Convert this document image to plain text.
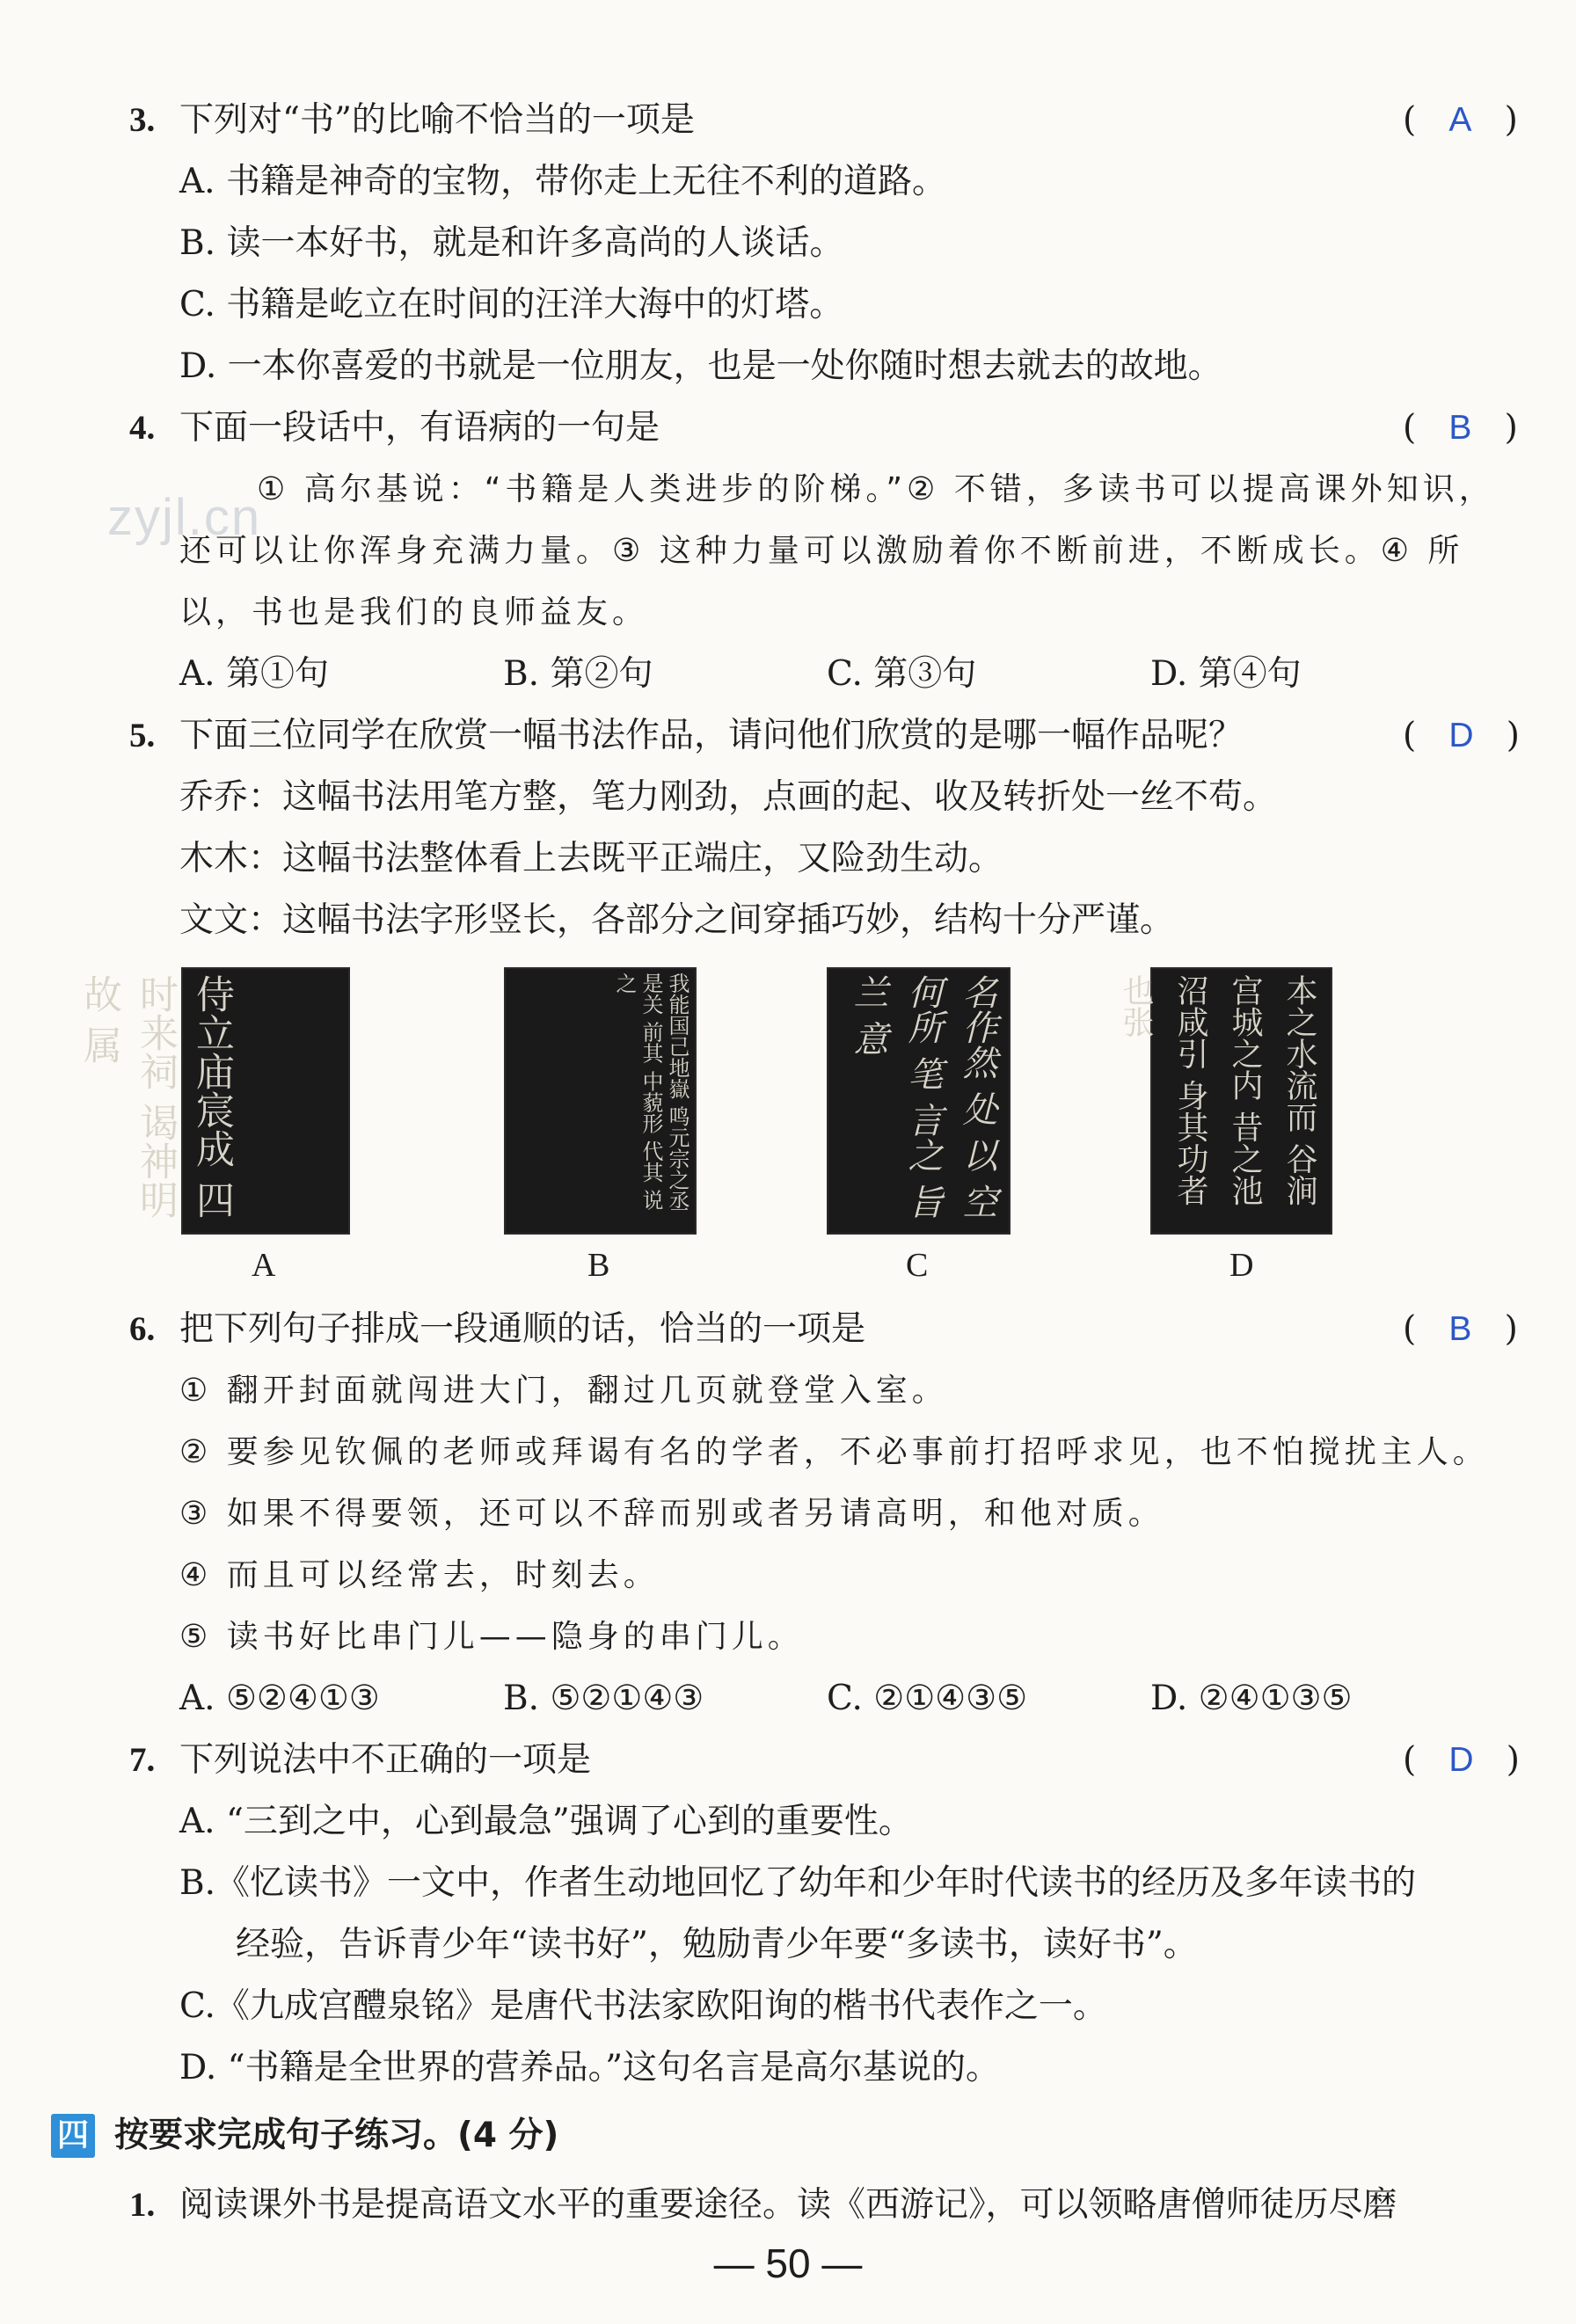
zyjl.cn
3. 下列对“书”的比喻不恰当的一项是	( A )
A. 书籍是神奇的宝物，带你走上无往不利的道路。
B. 读一本好书，就是和许多高尚的人谈话。
C. 书籍是屹立在时间的汪洋大海中的灯塔。
D. 一本你喜爱的书就是一位朋友，也是一处你随时想去就去的故地。
4. 下面一段话中，有语病的一句是	( B )
① 高尔基说：“书籍是人类进步的阶梯。”② 不错，多读书可以提高课外知识，
还可以让你浑身充满力量。③ 这种力量可以激励着你不断前进，不断成长。④ 所
以，书也是我们的良师益友。
A. 第①句	B. 第②句	C. 第③句	D. 第④句
5. 下面三位同学在欣赏一幅书法作品，请问他们欣赏的是哪一幅作品呢？	( D )
乔乔：这幅书法用笔方整，笔力刚劲，点画的起、收及转折处一丝不苟。
木木：这幅书法整体看上去既平正端庄，又险劲生动。
文文：这幅书法字形竖长，各部分之间穿插巧妙，结构十分严谨。
侍立庙宸成 四时来祠 谒神明故 属
A
我能国己地嶽 鸣元宗之丞 是关 前其 中藐形 代其 说之
B
名作然 处 以 空 何所 笔 言之 旨 兰 意
C
本之水流而 谷涧宫城之内 昔之池沼咸引 身其功者也张
D
6. 把下列句子排成一段通顺的话，恰当的一项是	( B )
① 翻开封面就闯进大门，翻过几页就登堂入室。
② 要参见钦佩的老师或拜谒有名的学者，不必事前打招呼求见，也不怕搅扰主人。
③ 如果不得要领，还可以不辞而别或者另请高明，和他对质。
④ 而且可以经常去，时刻去。
⑤ 读书好比串门儿——隐身的串门儿。
A. ⑤②④①③	B. ⑤②①④③	C. ②①④③⑤	D. ②④①③⑤
7. 下列说法中不正确的一项是	( D )
A. “三到之中，心到最急”强调了心到的重要性。
B.《忆读书》一文中，作者生动地回忆了幼年和少年时代读书的经历及多年读书的
经验，告诉青少年“读书好”，勉励青少年要“多读书，读好书”。
C.《九成宫醴泉铭》是唐代书法家欧阳询的楷书代表作之一。
D. “书籍是全世界的营养品。”这句名言是高尔基说的。
四 按要求完成句子练习。(4 分)
1. 阅读课外书是提高语文水平的重要途径。读《西游记》，可以领略唐僧师徒历尽磨
— 50 —
